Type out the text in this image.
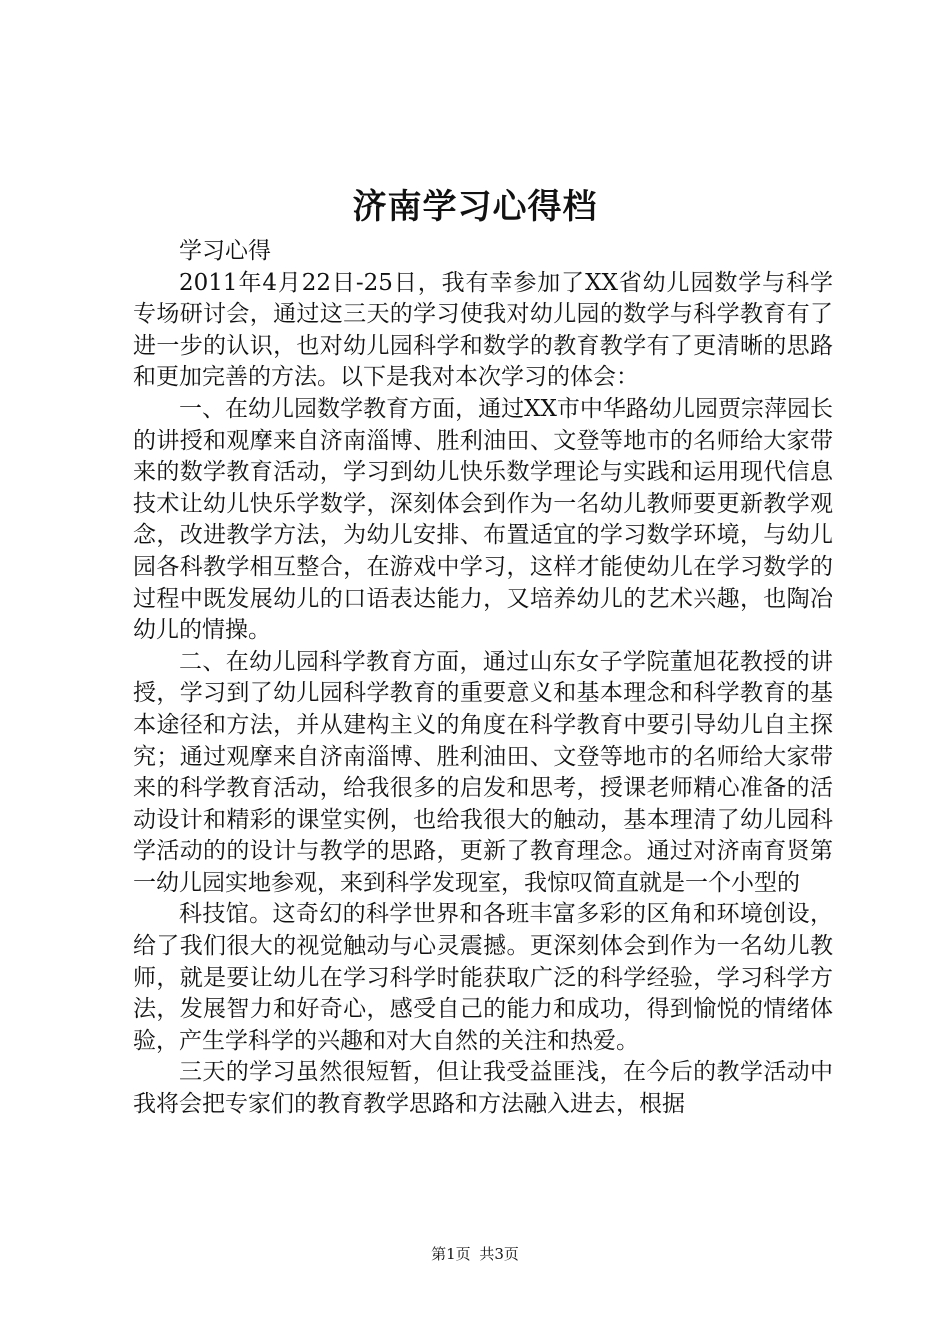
济南学习心得档

学习心得

2011年4月22日-25日，我有幸参加了XX省幼儿园数学与科学专场研讨会，通过这三天的学习使我对幼儿园的数学与科学教育有了进一步的认识，也对幼儿园科学和数学的教育教学有了更清晰的思路和更加完善的方法。以下是我对本次学习的体会：

一、在幼儿园数学教育方面，通过XX市中华路幼儿园贾宗萍园长的讲授和观摩来自济南淄博、胜利油田、文登等地市的名师给大家带来的数学教育活动，学习到幼儿快乐数学理论与实践和运用现代信息技术让幼儿快乐学数学，深刻体会到作为一名幼儿教师要更新教学观念，改进教学方法，为幼儿安排、布置适宜的学习数学环境，与幼儿园各科教学相互整合，在游戏中学习，这样才能使幼儿在学习数学的过程中既发展幼儿的口语表达能力，又培养幼儿的艺术兴趣，也陶冶幼儿的情操。

二、在幼儿园科学教育方面，通过山东女子学院董旭花教授的讲授，学习到了幼儿园科学教育的重要意义和基本理念和科学教育的基本途径和方法，并从建构主义的角度在科学教育中要引导幼儿自主探究；通过观摩来自济南淄博、胜利油田、文登等地市的名师给大家带来的科学教育活动，给我很多的启发和思考，授课老师精心准备的活动设计和精彩的课堂实例，也给我很大的触动，基本理清了幼儿园科学活动的的设计与教学的思路，更新了教育理念。通过对济南育贤第一幼儿园实地参观，来到科学发现室，我惊叹简直就是一个小型的

科技馆。这奇幻的科学世界和各班丰富多彩的区角和环境创设，给了我们很大的视觉触动与心灵震撼。更深刻体会到作为一名幼儿教师，就是要让幼儿在学习科学时能获取广泛的科学经验，学习科学方法，发展智力和好奇心，感受自己的能力和成功，得到愉悦的情绪体验，产生学科学的兴趣和对大自然的关注和热爱。

三天的学习虽然很短暂，但让我受益匪浅，在今后的教学活动中我将会把专家们的教育教学思路和方法融入进去，根据

第1页 共3页
